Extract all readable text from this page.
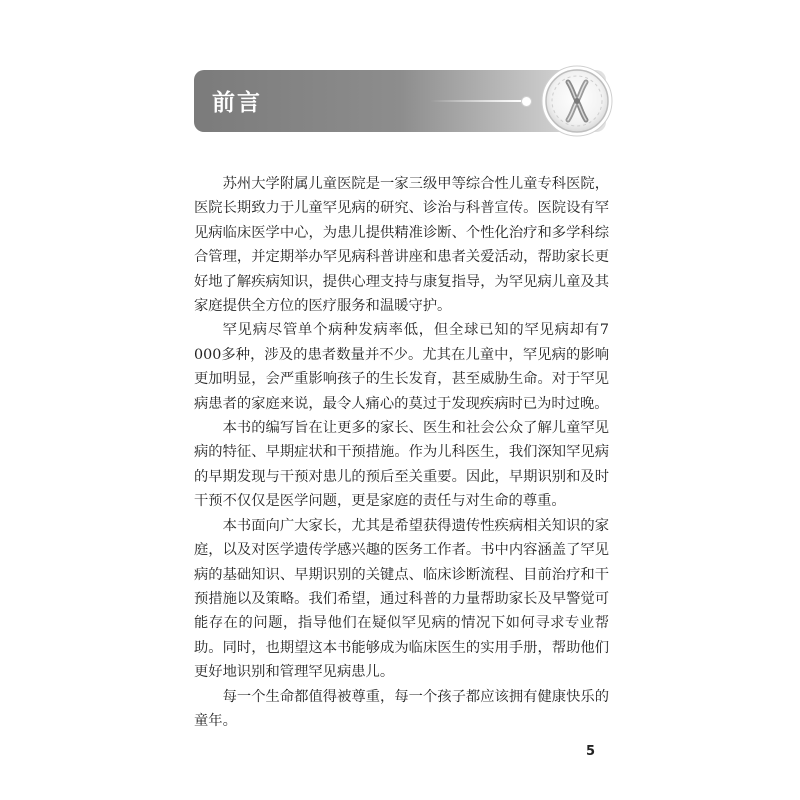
前言

苏州大学附属儿童医院是一家三级甲等综合性儿童专科医院，医院长期致力于儿童罕见病的研究、诊治与科普宣传。医院设有罕见病临床医学中心，为患儿提供精准诊断、个性化治疗和多学科综合管理，并定期举办罕见病科普讲座和患者关爱活动，帮助家长更好地了解疾病知识，提供心理支持与康复指导，为罕见病儿童及其家庭提供全方位的医疗服务和温暖守护。

罕见病尽管单个病种发病率低，但全球已知的罕见病却有7 000多种，涉及的患者数量并不少。尤其在儿童中，罕见病的影响更加明显，会严重影响孩子的生长发育，甚至威胁生命。对于罕见病患者的家庭来说，最令人痛心的莫过于发现疾病时已为时过晚。

本书的编写旨在让更多的家长、医生和社会公众了解儿童罕见病的特征、早期症状和干预措施。作为儿科医生，我们深知罕见病的早期发现与干预对患儿的预后至关重要。因此，早期识别和及时干预不仅仅是医学问题，更是家庭的责任与对生命的尊重。

本书面向广大家长，尤其是希望获得遗传性疾病相关知识的家庭，以及对医学遗传学感兴趣的医务工作者。书中内容涵盖了罕见病的基础知识、早期识别的关键点、临床诊断流程、目前治疗和干预措施以及策略。我们希望，通过科普的力量帮助家长及早警觉可能存在的问题，指导他们在疑似罕见病的情况下如何寻求专业帮助。同时，也期望这本书能够成为临床医生的实用手册，帮助他们更好地识别和管理罕见病患儿。

每一个生命都值得被尊重，每一个孩子都应该拥有健康快乐的童年。

5
